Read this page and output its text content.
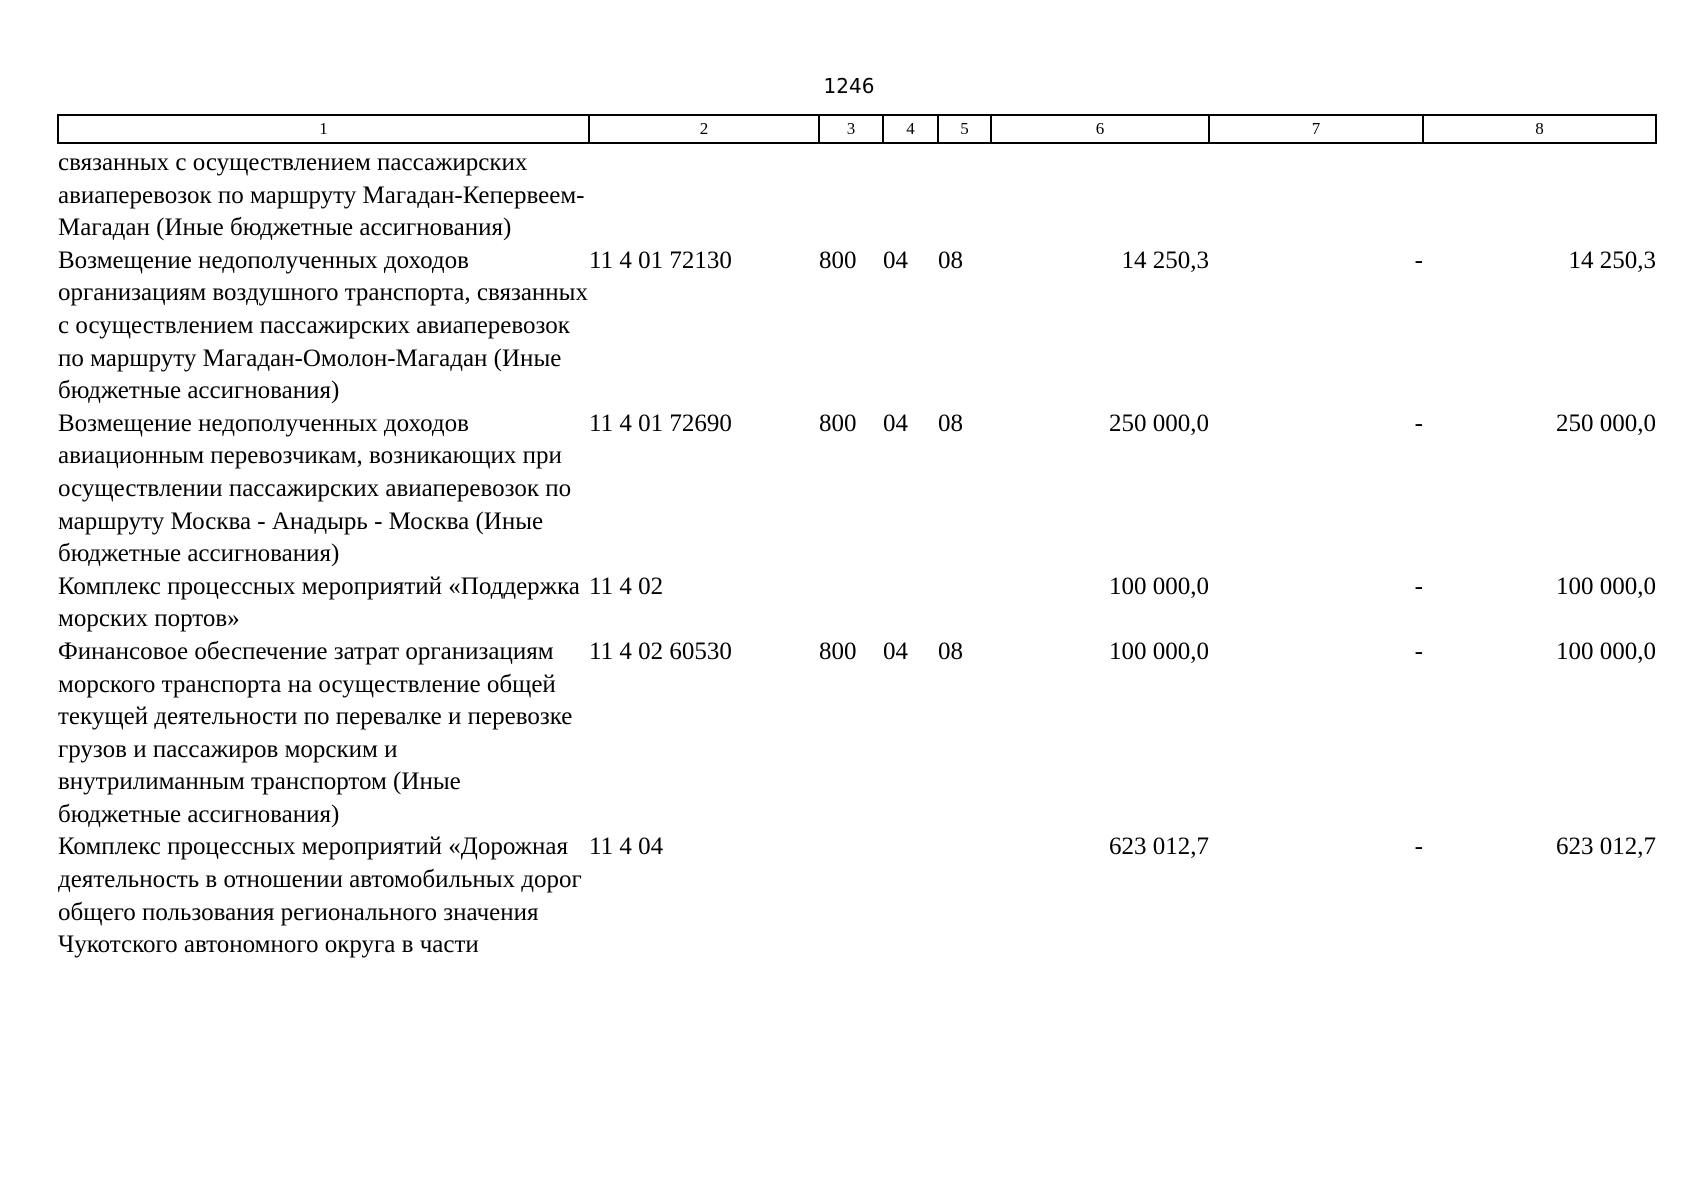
1246
1	2	3	4	5	6	7	8
связанных с осуществлением пассажирских авиаперевозок по маршруту Магадан-Кепервеем-Магадан (Иные бюджетные ассигнования)							
Возмещение недополученных доходов организациям воздушного транспорта, связанных с осуществлением пассажирских авиаперевозок по маршруту Магадан-Омолон-Магадан (Иные бюджетные ассигнования)	11 4 01 72130	800	04	08	14 250,3	-	14 250,3
Возмещение недополученных доходов авиационным перевозчикам, возникающих при осуществлении пассажирских авиаперевозок по маршруту Москва - Анадырь - Москва (Иные бюджетные ассигнования)	11 4 01 72690	800	04	08	250 000,0	-	250 000,0
Комплекс процессных мероприятий «Поддержка морских портов»	11 4 02				100 000,0	-	100 000,0
Финансовое обеспечение затрат организациям морского транспорта на осуществление общей текущей деятельности по перевалке и перевозке грузов и пассажиров морским и внутрилиманным транспортом (Иные бюджетные ассигнования)	11 4 02 60530	800	04	08	100 000,0	-	100 000,0
Комплекс процессных мероприятий «Дорожная деятельность в отношении автомобильных дорог общего пользования регионального значения Чукотского автономного округа в части	11 4 04				623 012,7	-	623 012,7
